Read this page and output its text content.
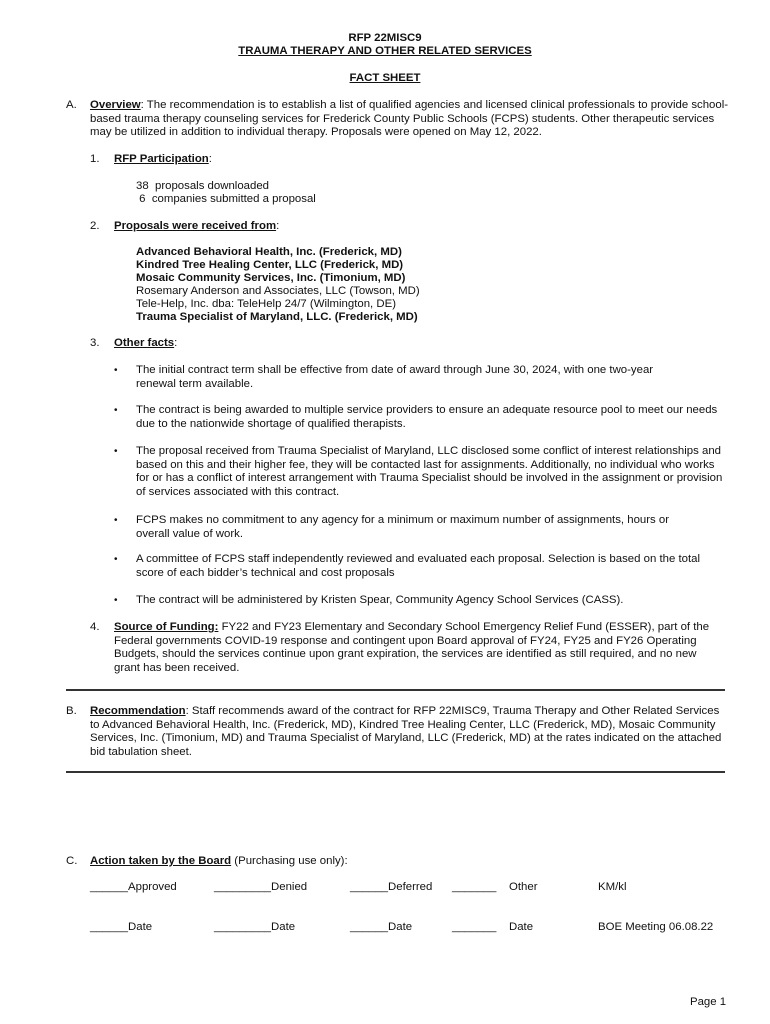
RFP 22MISC9
TRAUMA THERAPY AND OTHER RELATED SERVICES
FACT SHEET
A. Overview: The recommendation is to establish a list of qualified agencies and licensed clinical professionals to provide school-based trauma therapy counseling services for Frederick County Public Schools (FCPS) students. Other therapeutic services may be utilized in addition to individual therapy. Proposals were opened on May 12, 2022.
1. RFP Participation:
38  proposals downloaded
6  companies submitted a proposal
2. Proposals were received from:
Advanced Behavioral Health, Inc. (Frederick, MD)
Kindred Tree Healing Center, LLC (Frederick, MD)
Mosaic Community Services, Inc. (Timonium, MD)
Rosemary Anderson and Associates, LLC (Towson, MD)
Tele-Help, Inc. dba: TeleHelp 24/7 (Wilmington, DE)
Trauma Specialist of Maryland, LLC. (Frederick, MD)
3. Other facts:
• The initial contract term shall be effective from date of award through June 30, 2024, with one two-year renewal term available.
• The contract is being awarded to multiple service providers to ensure an adequate resource pool to meet our needs due to the nationwide shortage of qualified therapists.
• The proposal received from Trauma Specialist of Maryland, LLC disclosed some conflict of interest relationships and based on this and their higher fee, they will be contacted last for assignments. Additionally, no individual who works for or has a conflict of interest arrangement with Trauma Specialist should be involved in the assignment or provision of services associated with this contract.
• FCPS makes no commitment to any agency for a minimum or maximum number of assignments, hours or overall value of work.
• A committee of FCPS staff independently reviewed and evaluated each proposal. Selection is based on the total score of each bidder’s technical and cost proposals
• The contract will be administered by Kristen Spear, Community Agency School Services (CASS).
4. Source of Funding: FY22 and FY23 Elementary and Secondary School Emergency Relief Fund (ESSER), part of the Federal governments COVID-19 response and contingent upon Board approval of FY24, FY25 and FY26 Operating Budgets, should the services continue upon grant expiration, the services are identified as still required, and no new grant has been received.
B. Recommendation: Staff recommends award of the contract for RFP 22MISC9, Trauma Therapy and Other Related Services to Advanced Behavioral Health, Inc. (Frederick, MD), Kindred Tree Healing Center, LLC (Frederick, MD), Mosaic Community Services, Inc. (Timonium, MD) and Trauma Specialist of Maryland, LLC (Frederick, MD) at the rates indicated on the attached bid tabulation sheet.
C. Action taken by the Board (Purchasing use only):
______Approved	_________Denied	______Deferred _______ Other	KM/kl
______Date	_________Date	______Date	_______ Date	BOE Meeting 06.08.22
Page 1
